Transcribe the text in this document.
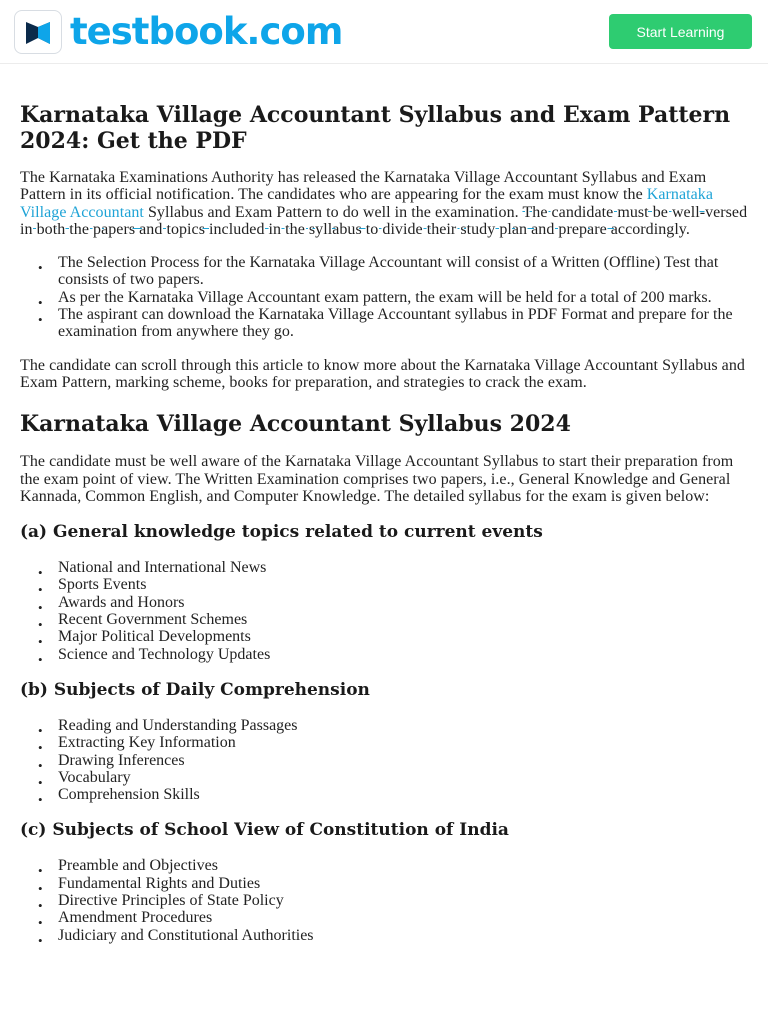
testbook.com	Start Learning
Karnataka Village Accountant Syllabus and Exam Pattern 2024: Get the PDF

The Karnataka Examinations Authority has released the Karnataka Village Accountant Syllabus and Exam Pattern in its official notification. The candidates who are appearing for the exam must know the Karnataka Village Accountant Syllabus and Exam Pattern to do well in the examination. The candidate must be well-versed in both the papers and topics included in the syllabus to divide their study plan and prepare accordingly.

• The Selection Process for the Karnataka Village Accountant will consist of a Written (Offline) Test that consists of two papers.
• As per the Karnataka Village Accountant exam pattern, the exam will be held for a total of 200 marks.
• The aspirant can download the Karnataka Village Accountant syllabus in PDF Format and prepare for the examination from anywhere they go.

The candidate can scroll through this article to know more about the Karnataka Village Accountant Syllabus and Exam Pattern, marking scheme, books for preparation, and strategies to crack the exam.

Karnataka Village Accountant Syllabus 2024

The candidate must be well aware of the Karnataka Village Accountant Syllabus to start their preparation from the exam point of view. The Written Examination comprises two papers, i.e., General Knowledge and General Kannada, Common English, and Computer Knowledge. The detailed syllabus for the exam is given below:

(a) General knowledge topics related to current events
• National and International News
• Sports Events
• Awards and Honors
• Recent Government Schemes
• Major Political Developments
• Science and Technology Updates
(b) Subjects of Daily Comprehension
• Reading and Understanding Passages
• Extracting Key Information
• Drawing Inferences
• Vocabulary
• Comprehension Skills
(c) Subjects of School View of Constitution of India
• Preamble and Objectives
• Fundamental Rights and Duties
• Directive Principles of State Policy
• Amendment Procedures
• Judiciary and Constitutional Authorities
